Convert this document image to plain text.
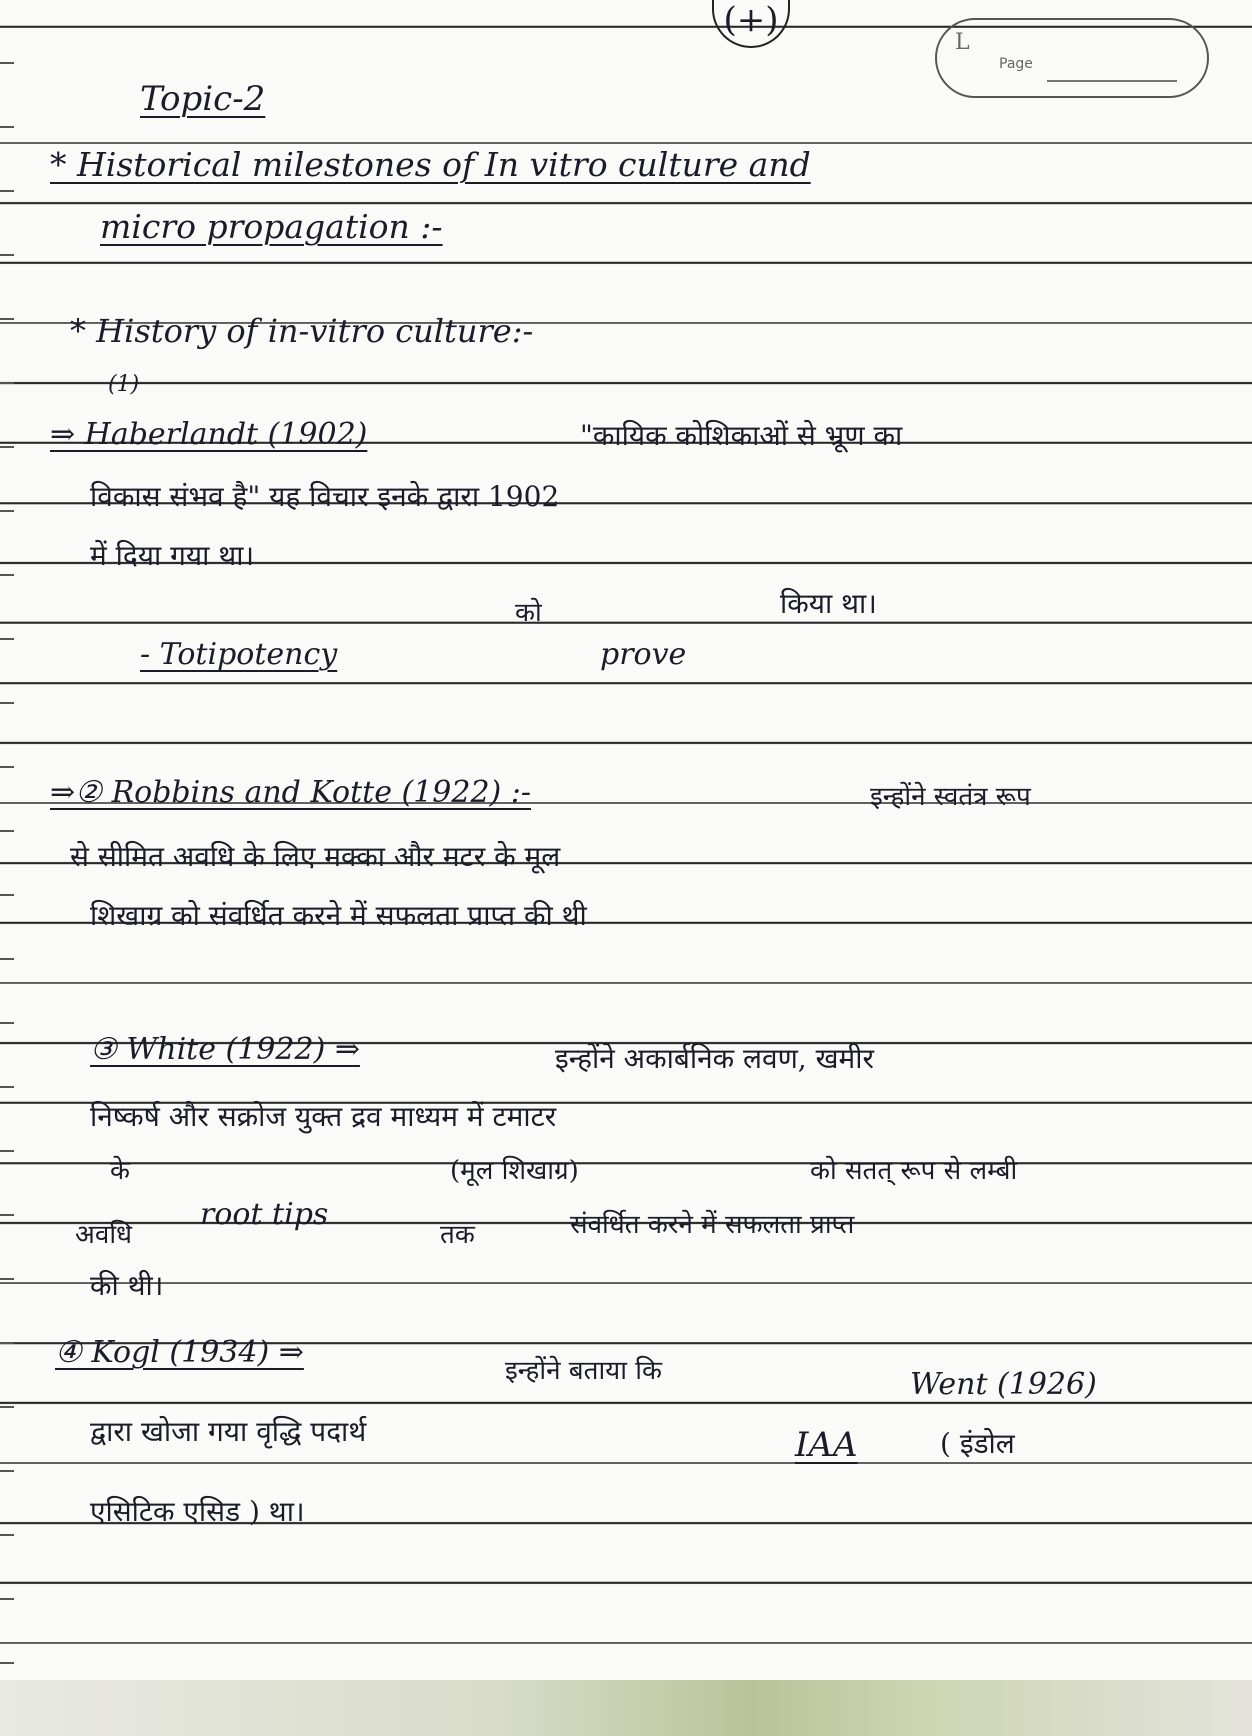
(+)
L
Page
Topic-2
* Historical milestones of In vitro culture and
micro propagation :-
* History of in-vitro culture:-
(1)
⇒ Haberlandt (1902)	"कायिक कोशिकाओं से भ्रूण का
विकास संभव है" यह विचार इनके द्वारा 1902
में दिया गया था।
- Totipotency
को
prove
किया था।
⇒② Robbins and Kotte (1922) :-	इन्होंने स्वतंत्र रूप
से सीमित अवधि के लिए मक्का और मटर के मूल
शिखाग्र को संवर्धित करने में सफलता प्राप्त की थी
③ White (1922) ⇒	इन्होंने अकार्बनिक लवण, खमीर
निष्कर्ष और सक्रोज युक्त द्रव माध्यम में टमाटर
के	(मूल शिखाग्र)	को सतत् रूप से लम्बी
अवधि
root tips
तक	संवर्धित करने में सफलता प्राप्त
की थी।
④ Kogl (1934) ⇒
इन्होंने बताया कि	Went (1926)
द्वारा खोजा गया वृद्धि पदार्थ	IAA	( इंडोल
एसिटिक एसिड ) था।
